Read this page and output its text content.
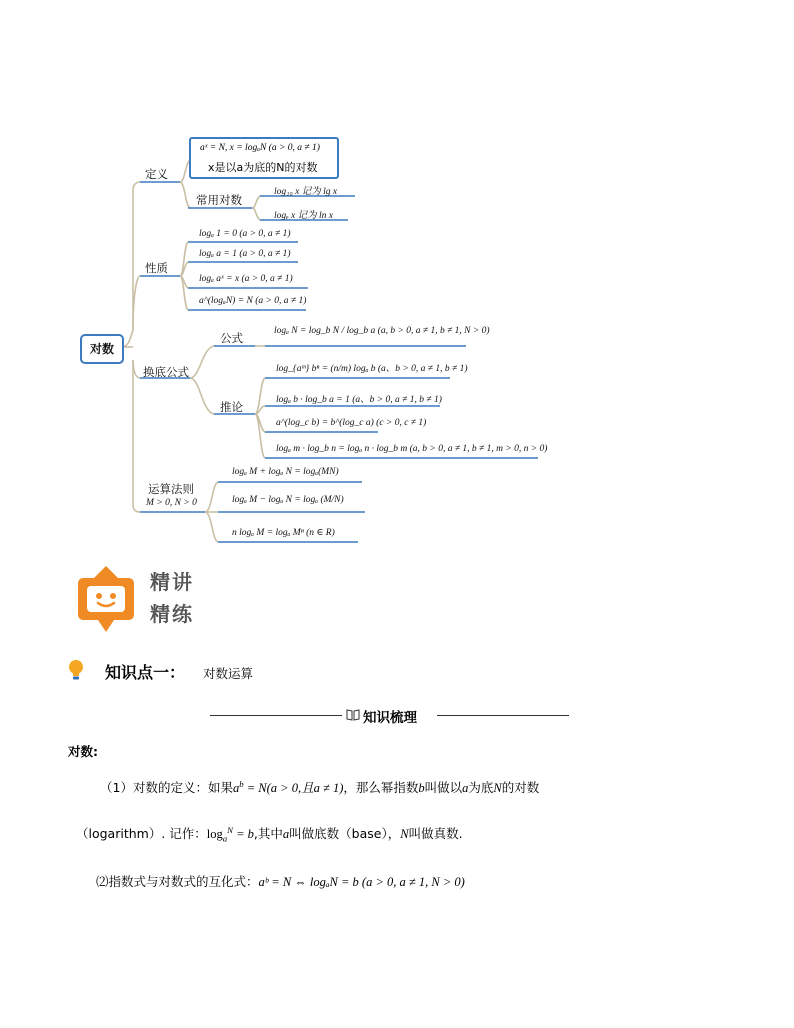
对数
定义
aˣ = N, x = logₐN (a > 0, a ≠ 1)
x是以a为底的N的对数
常用对数
log₁₀ x 记为 lg x
logₑ x 记为 ln x
性质
logₐ 1 = 0 (a > 0, a ≠ 1)
logₐ a = 1 (a > 0, a ≠ 1)
logₐ aˣ = x (a > 0, a ≠ 1)
a^(logₐN) = N (a > 0, a ≠ 1)
换底公式
公式	logₐ N = log_b N / log_b a (a, b > 0, a ≠ 1, b ≠ 1, N > 0)
推论
log_{aᵐ} bⁿ = (n/m) logₐ b (a、b > 0, a ≠ 1, b ≠ 1)
logₐ b · log_b a = 1 (a、b > 0, a ≠ 1, b ≠ 1)
a^(log_c b) = b^(log_c a) (c > 0, c ≠ 1)
logₐ m · log_b n = logₐ n · log_b m (a, b > 0, a ≠ 1, b ≠ 1, m > 0, n > 0)
运算法则
M > 0, N > 0
logₐ M + logₐ N = logₐ(MN)
logₐ M − logₐ N = logₐ (M/N)
n logₐ M = logₐ Mⁿ (n ∈ R)
精讲
精练
知识点一： 对数运算
知识梳理
对数:
（1）对数的定义：如果$a^b = N(a > 0$,且a ≠ 1)，那么幂指数b叫做以a为底N的对数
（logarithm）. 记作：$\log_a^N = b$,其中a叫做底数（base），N叫做真数.
⑵指数式与对数式的互化式：aᵇ = N ⇔ logₐN = b (a > 0, a ≠ 1, N > 0)
